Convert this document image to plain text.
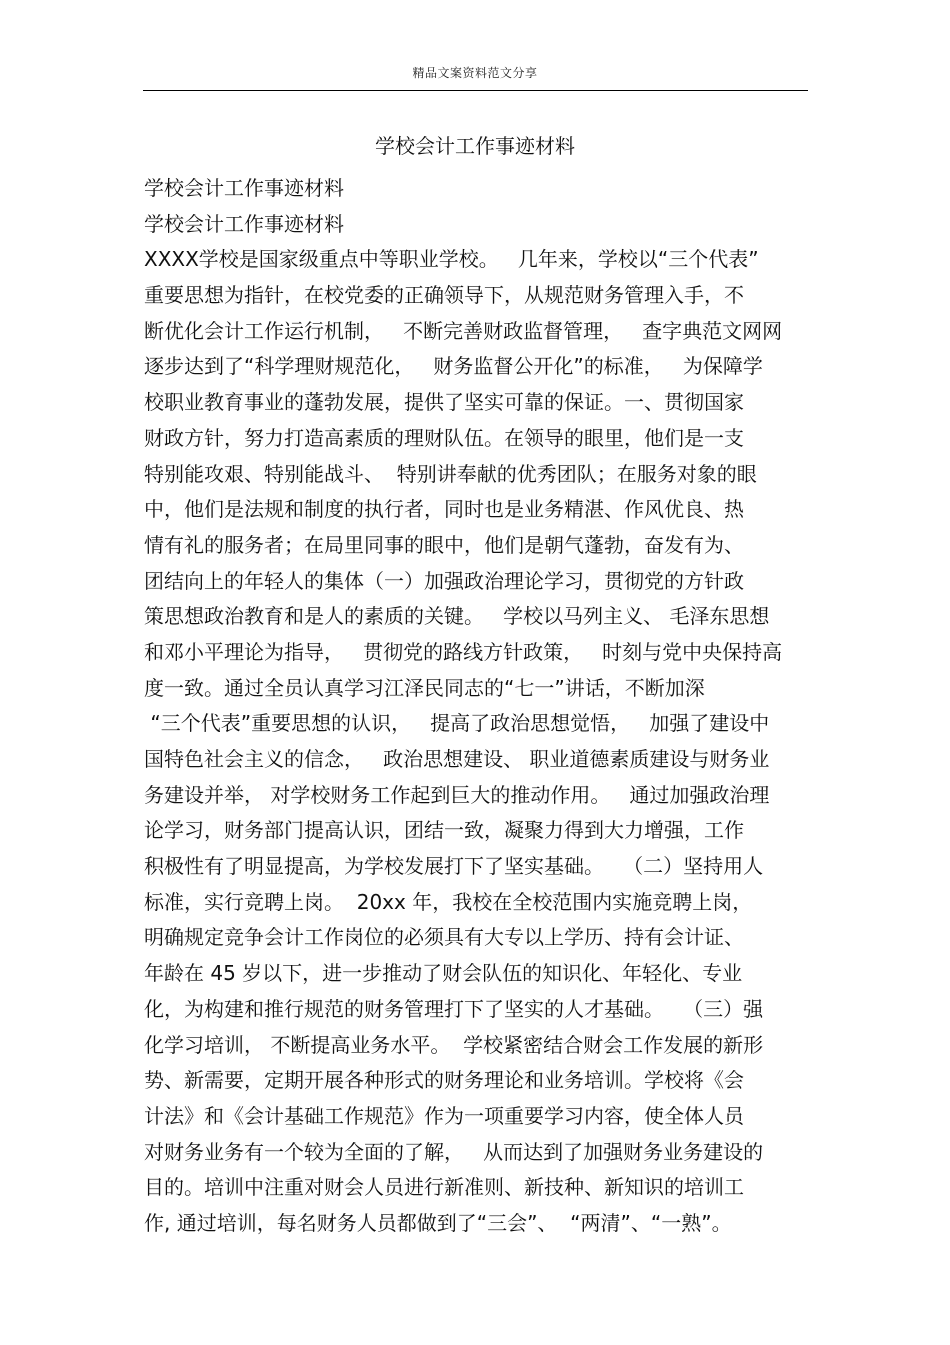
精品文案资料范文分享
学校会计工作事迹材料
学校会计工作事迹材料
学校会计工作事迹材料
XXXX学校是国家级重点中等职业学校。   几年来，学校以“三个代表”
重要思想为指针，在校党委的正确领导下，从规范财务管理入手，不
断优化会计工作运行机制，   不断完善财政监督管理，   查字典范文网网
逐步达到了“科学理财规范化，   财务监督公开化”的标准，   为保障学
校职业教育事业的蓬勃发展，提供了坚实可靠的保证。一、贯彻国家
财政方针，努力打造高素质的理财队伍。在领导的眼里，他们是一支
特别能攻艰、特别能战斗、  特别讲奉献的优秀团队；在服务对象的眼
中，他们是法规和制度的执行者，同时也是业务精湛、作风优良、热
情有礼的服务者；在局里同事的眼中，他们是朝气蓬勃，奋发有为、
团结向上的年轻人的集体（一）加强政治理论学习，贯彻党的方针政
策思想政治教育和是人的素质的关键。   学校以马列主义、 毛泽东思想
和邓小平理论为指导，   贯彻党的路线方针政策，   时刻与党中央保持高
度一致。通过全员认真学习江泽民同志的“七一”讲话，不断加深
“三个代表”重要思想的认识，   提高了政治思想觉悟，   加强了建设中
国特色社会主义的信念，   政治思想建设、 职业道德素质建设与财务业
务建设并举， 对学校财务工作起到巨大的推动作用。   通过加强政治理
论学习，财务部门提高认识，团结一致，凝聚力得到大力增强，工作
积极性有了明显提高，为学校发展打下了坚实基础。   （二）坚持用人
标准，实行竞聘上岗。  20xx 年，我校在全校范围内实施竞聘上岗，
明确规定竞争会计工作岗位的必须具有大专以上学历、持有会计证、
年龄在 45 岁以下，进一步推动了财会队伍的知识化、年轻化、专业
化，为构建和推行规范的财务管理打下了坚实的人才基础。   （三）强
化学习培训， 不断提高业务水平。  学校紧密结合财会工作发展的新形
势、新需要，定期开展各种形式的财务理论和业务培训。学校将《会
计法》和《会计基础工作规范》作为一项重要学习内容，使全体人员
对财务业务有一个较为全面的了解，   从而达到了加强财务业务建设的
目的。培训中注重对财会人员进行新准则、新技种、新知识的培训工
作, 通过培训，每名财务人员都做到了“三会”、  “两清”、“一熟”。
